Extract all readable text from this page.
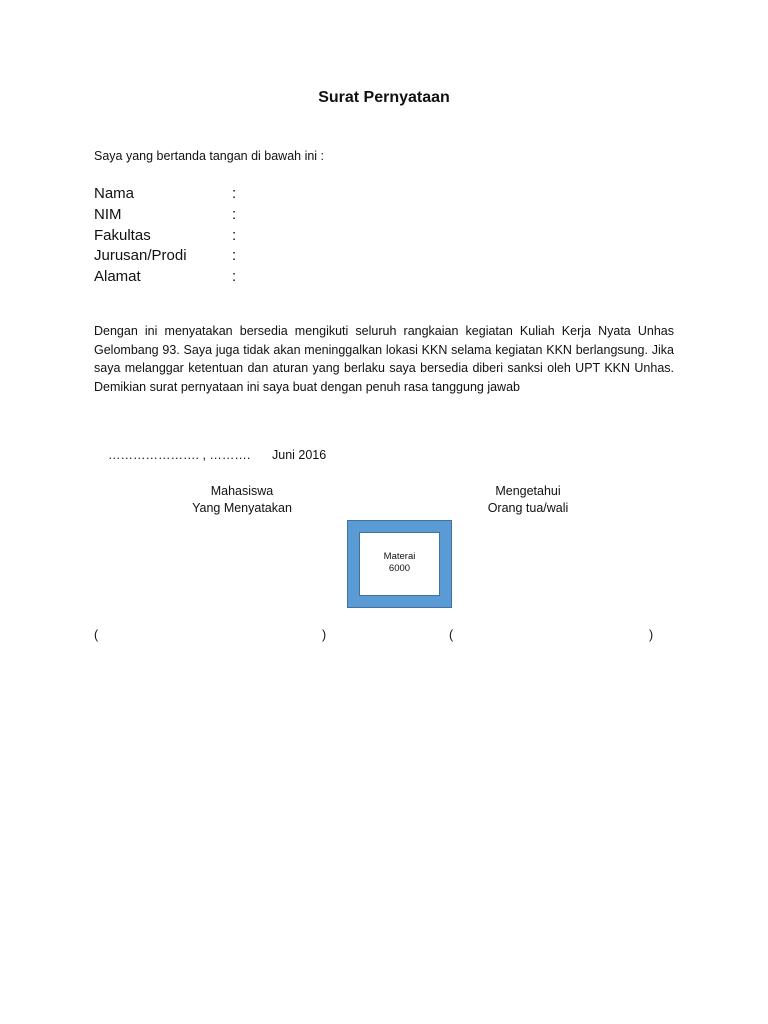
Surat Pernyataan
Saya yang bertanda tangan di bawah ini :
Nama	:
NIM	:
Fakultas	:
Jurusan/Prodi	:
Alamat	:
Dengan ini menyatakan bersedia mengikuti seluruh rangkaian kegiatan Kuliah Kerja Nyata Unhas Gelombang 93. Saya juga tidak akan meninggalkan lokasi KKN selama kegiatan KKN berlangsung. Jika saya melanggar ketentuan dan aturan yang berlaku saya bersedia diberi sanksi oleh UPT KKN Unhas. Demikian surat pernyataan ini saya buat dengan penuh rasa tanggung jawab
…………………. , ………. Juni 2016
Mahasiswa
Yang Menyatakan
Mengetahui
Orang tua/wali
Materai
6000
(	)	(	)
